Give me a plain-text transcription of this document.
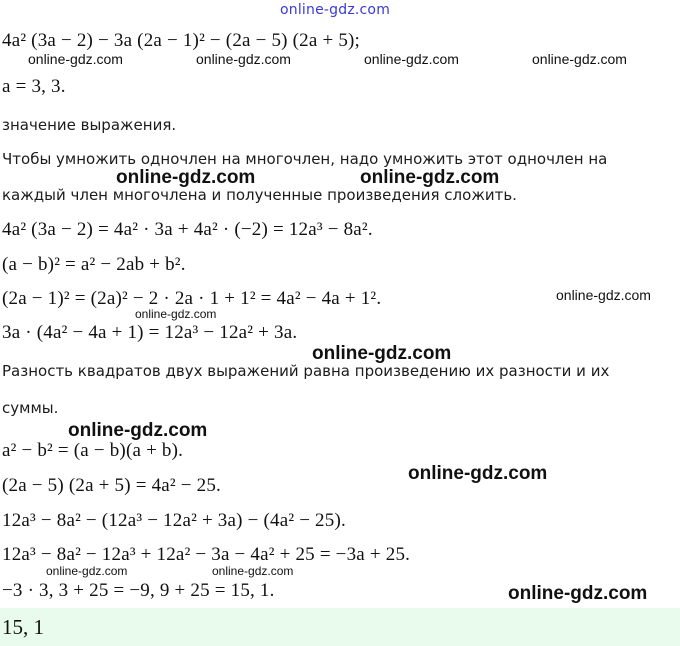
online-gdz.com
4a² (3a − 2) − 3a (2a − 1)² − (2a − 5) (2a + 5);
online-gdz.com	online-gdz.com	online-gdz.com	online-gdz.com
a = 3, 3.
значение выражения.
Чтобы умножить одночлен на многочлен, надо умножить этот одночлен на
online-gdz.com	online-gdz.com
каждый член многочлена и полученные произведения сложить.
4a² (3a − 2) = 4a² · 3a + 4a² · (−2) = 12a³ − 8a².
(a − b)² = a² − 2ab + b².
(2a − 1)² = (2a)² − 2 · 2a · 1 + 1² = 4a² − 4a + 1².	online-gdz.com
online-gdz.com
3a · (4a² − 4a + 1) = 12a³ − 12a² + 3a.
online-gdz.com
Разность квадратов двух выражений равна произведению их разности и их
суммы.
online-gdz.com
a² − b² = (a − b)(a + b).
online-gdz.com
(2a − 5) (2a + 5) = 4a² − 25.
12a³ − 8a² − (12a³ − 12a² + 3a) − (4a² − 25).
12a³ − 8a² − 12a³ + 12a² − 3a − 4a² + 25 = −3a + 25.
online-gdz.com	online-gdz.com
−3 · 3, 3 + 25 = −9, 9 + 25 = 15, 1.	online-gdz.com
15, 1
